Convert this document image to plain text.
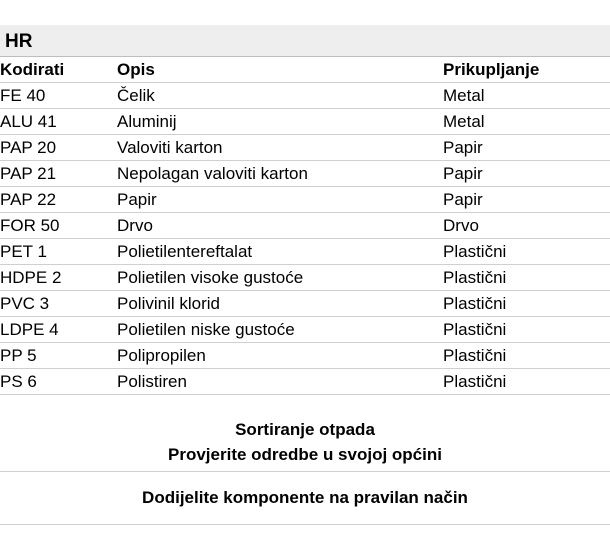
HR
Kodirati	Opis	Prikupljanje
FE 40	Čelik	Metal
ALU 41	Aluminij	Metal
PAP 20	Valoviti karton	Papir
PAP 21	Nepolagan valoviti karton	Papir
PAP 22	Papir	Papir
FOR 50	Drvo	Drvo
PET 1	Polietilentereftalat	Plastični
HDPE 2	Polietilen visoke gustoće	Plastični
PVC 3	Polivinil klorid	Plastični
LDPE 4	Polietilen niske gustoće	Plastični
PP 5	Polipropilen	Plastični
PS 6	Polistiren	Plastični
Sortiranje otpada
Provjerite odredbe u svojoj općini
Dodijelite komponente na pravilan način
